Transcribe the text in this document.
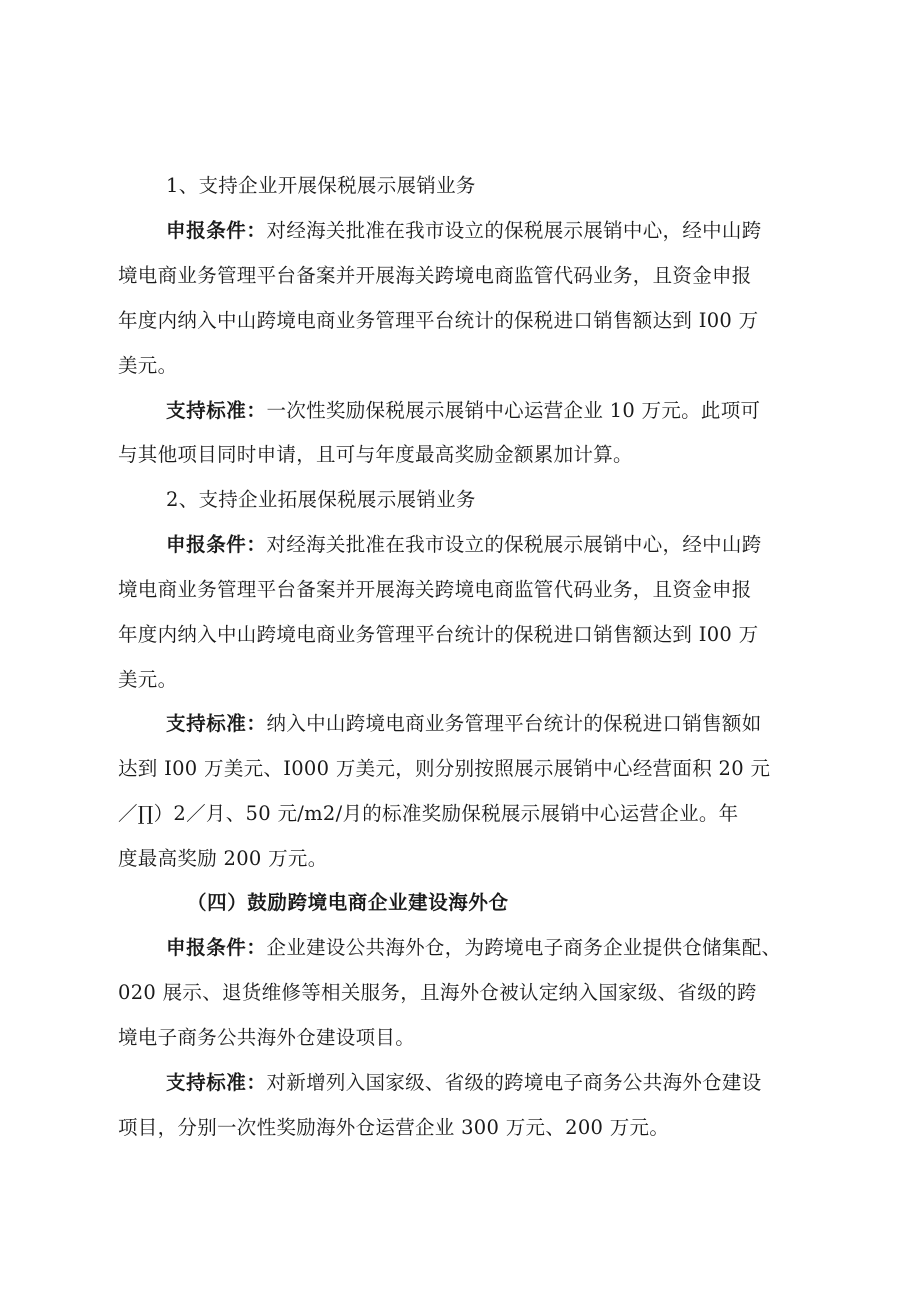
1、支持企业开展保税展示展销业务
申报条件：对经海关批准在我市设立的保税展示展销中心，经中山跨
境电商业务管理平台备案并开展海关跨境电商监管代码业务，且资金申报
年度内纳入中山跨境电商业务管理平台统计的保税进口销售额达到 I00 万
美元。
支持标准：一次性奖励保税展示展销中心运营企业 10 万元。此项可
与其他项目同时申请，且可与年度最高奖励金额累加计算。
2、支持企业拓展保税展示展销业务
申报条件：对经海关批准在我市设立的保税展示展销中心，经中山跨
境电商业务管理平台备案并开展海关跨境电商监管代码业务，且资金申报
年度内纳入中山跨境电商业务管理平台统计的保税进口销售额达到 I00 万
美元。
支持标准：纳入中山跨境电商业务管理平台统计的保税进口销售额如
达到 I00 万美元、I000 万美元，则分别按照展示展销中心经营面积 20 元
／∏）2／月、50 元/m2/月的标准奖励保税展示展销中心运营企业。年
度最高奖励 200 万元。
（四）鼓励跨境电商企业建设海外仓
申报条件：企业建设公共海外仓，为跨境电子商务企业提供仓储集配、
020 展示、退货维修等相关服务，且海外仓被认定纳入国家级、省级的跨
境电子商务公共海外仓建设项目。
支持标准：对新增列入国家级、省级的跨境电子商务公共海外仓建设
项目，分别一次性奖励海外仓运营企业 300 万元、200 万元。
